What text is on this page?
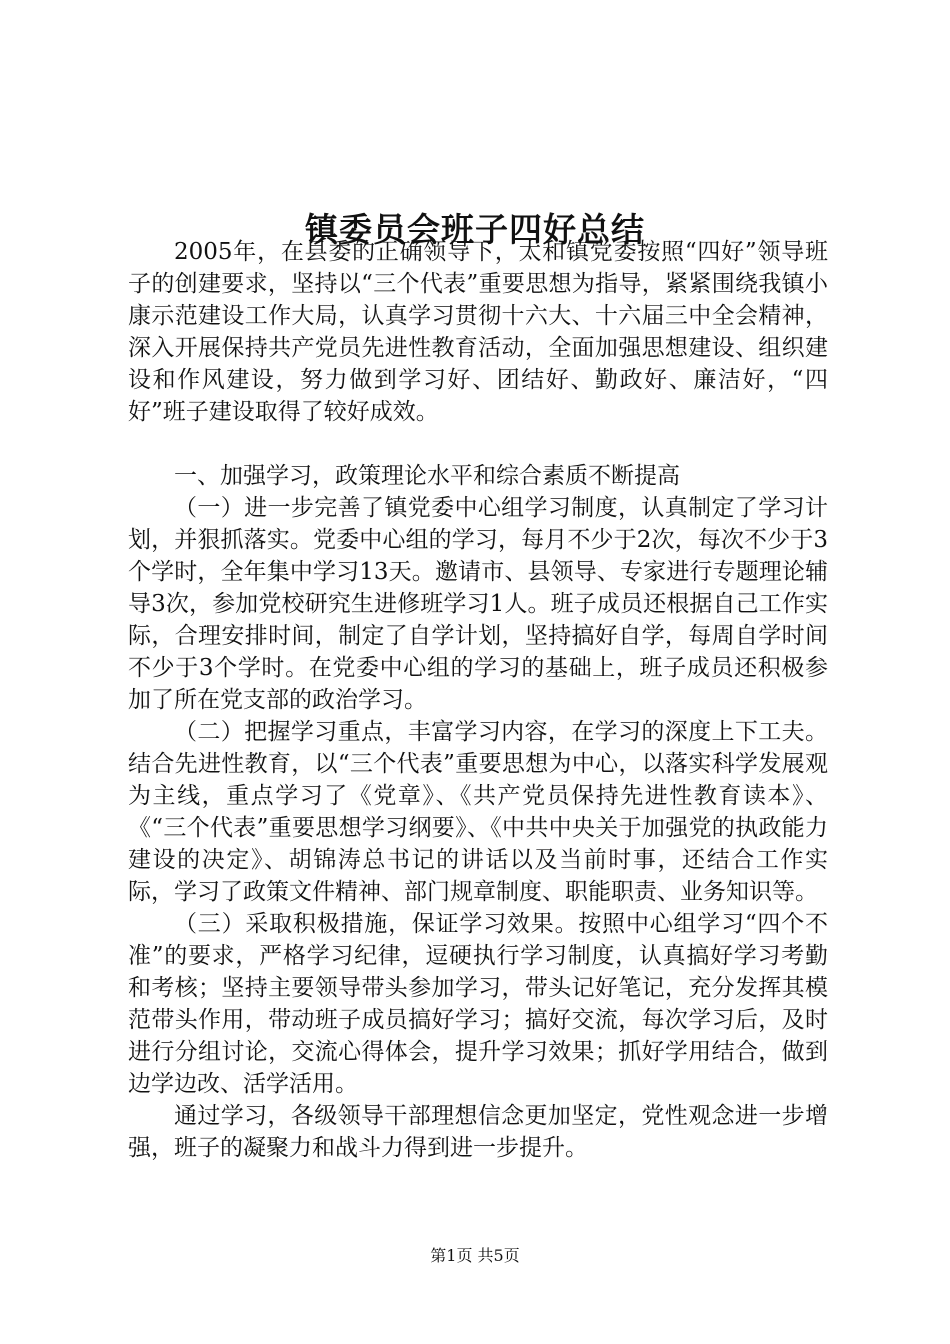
镇委员会班子四好总结

2005年，在县委的正确领导下，太和镇党委按照“四好”领导班子的创建要求，坚持以“三个代表”重要思想为指导，紧紧围绕我镇小康示范建设工作大局，认真学习贯彻十六大、十六届三中全会精神，深入开展保持共产党员先进性教育活动，全面加强思想建设、组织建设和作风建设，努力做到学习好、团结好、勤政好、廉洁好，“四好”班子建设取得了较好成效。

一、加强学习，政策理论水平和综合素质不断提高

（一）进一步完善了镇党委中心组学习制度，认真制定了学习计划，并狠抓落实。党委中心组的学习，每月不少于2次，每次不少于3个学时，全年集中学习13天。邀请市、县领导、专家进行专题理论辅导3次，参加党校研究生进修班学习1人。班子成员还根据自己工作实际，合理安排时间，制定了自学计划，坚持搞好自学，每周自学时间不少于3个学时。在党委中心组的学习的基础上，班子成员还积极参加了所在党支部的政治学习。

（二）把握学习重点，丰富学习内容，在学习的深度上下工夫。结合先进性教育，以“三个代表”重要思想为中心，以落实科学发展观为主线，重点学习了《党章》、《共产党员保持先进性教育读本》、《“三个代表”重要思想学习纲要》、《中共中央关于加强党的执政能力建设的决定》、胡锦涛总书记的讲话以及当前时事，还结合工作实际，学习了政策文件精神、部门规章制度、职能职责、业务知识等。

（三）采取积极措施，保证学习效果。按照中心组学习“四个不准”的要求，严格学习纪律，逗硬执行学习制度，认真搞好学习考勤和考核；坚持主要领导带头参加学习，带头记好笔记，充分发挥其模范带头作用，带动班子成员搞好学习；搞好交流，每次学习后，及时进行分组讨论，交流心得体会，提升学习效果；抓好学用结合，做到边学边改、活学活用。

通过学习，各级领导干部理想信念更加坚定，党性观念进一步增强，班子的凝聚力和战斗力得到进一步提升。

第1页 共5页
